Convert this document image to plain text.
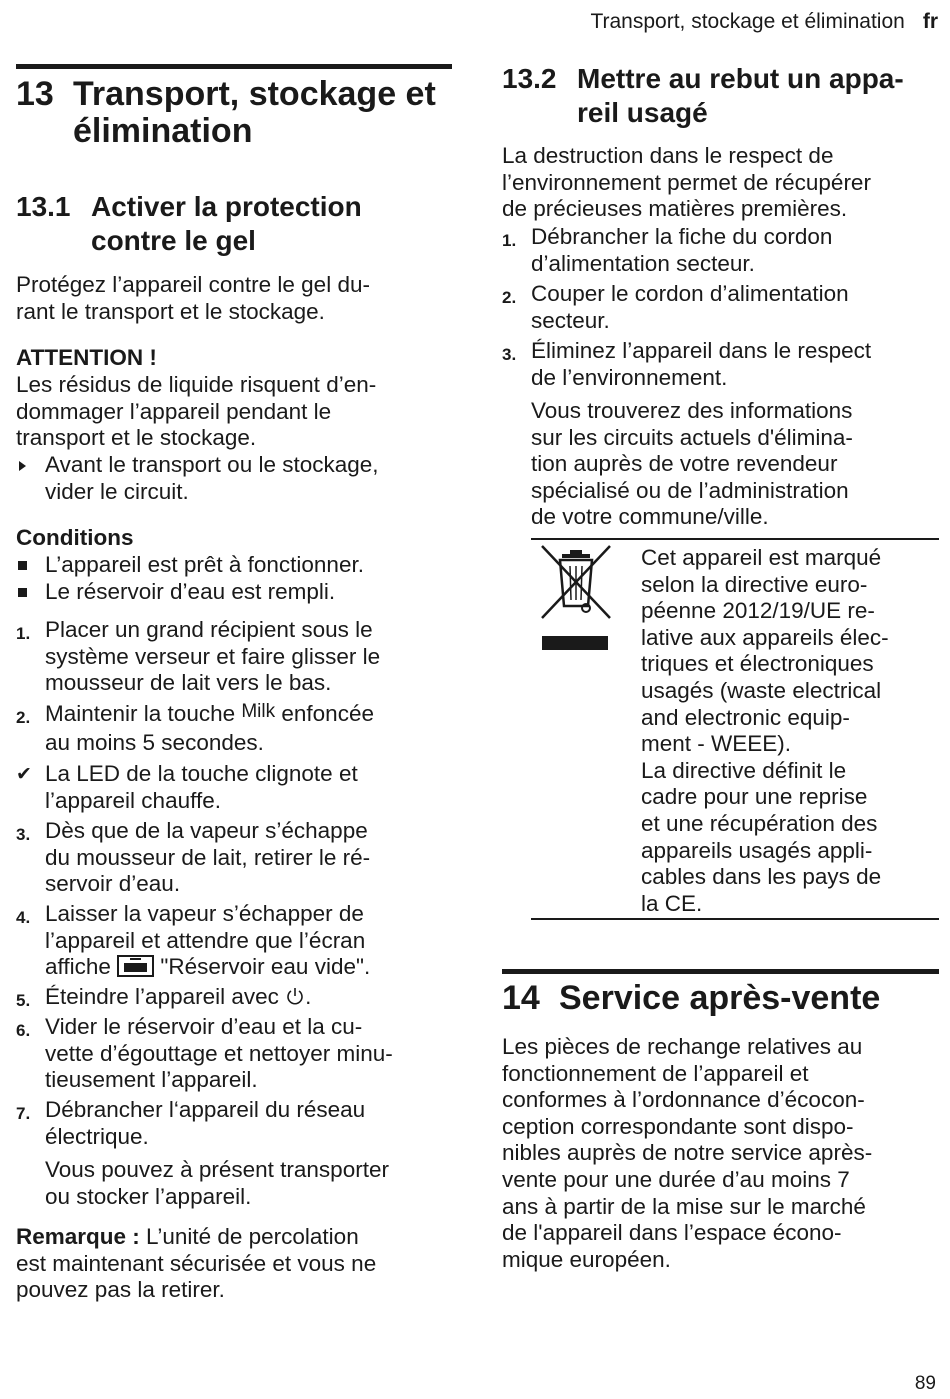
Transport, stockage et élimination fr
13 Transport, stockage et
élimination
13.1 Activer la protection
contre le gel
Protégez l’appareil contre le gel du-
rant le transport et le stockage.
ATTENTION !
Les résidus de liquide risquent d’en-
dommager l’appareil pendant le
transport et le stockage.
Avant le transport ou le stockage,
vider le circuit.
Conditions
L’appareil est prêt à fonctionner.
Le réservoir d’eau est rempli.
1. Placer un grand récipient sous le
système verseur et faire glisser le
mousseur de lait vers le bas.
2. Maintenir la touche Milk enfoncée
au moins 5 secondes.
✔ La LED de la touche clignote et
l’appareil chauffe.
3. Dès que de la vapeur s’échappe
du mousseur de lait, retirer le ré-
servoir d’eau.
4. Laisser la vapeur s’échapper de
l’appareil et attendre que l’écran
affiche  "Réservoir eau vide".
5. Éteindre l’appareil avec .
6. Vider le réservoir d’eau et la cu-
vette d’égouttage et nettoyer minu-
tieusement l’appareil.
7. Débrancher l‘appareil du réseau
électrique.
Vous pouvez à présent transporter
ou stocker l’appareil.
Remarque : L’unité de percolation
est maintenant sécurisée et vous ne
pouvez pas la retirer.
13.2 Mettre au rebut un appa-
reil usagé
La destruction dans le respect de
l’environnement permet de récupérer
de précieuses matières premières.
1. Débrancher la fiche du cordon
d’alimentation secteur.
2. Couper le cordon d’alimentation
secteur.
3. Éliminez l’appareil dans le respect
de l’environnement.
Vous trouverez des informations
sur les circuits actuels d'élimina-
tion auprès de votre revendeur
spécialisé ou de l’administration
de votre commune/ville.
Cet appareil est marqué
selon la directive euro-
péenne 2012/19/UE re-
lative aux appareils élec-
triques et électroniques
usagés (waste electrical
and electronic equip-
ment - WEEE).
La directive définit le
cadre pour une reprise
et une récupération des
appareils usagés appli-
cables dans les pays de
la CE.
14 Service après-vente
Les pièces de rechange relatives au
fonctionnement de l’appareil et
conformes à l’ordonnance d’écocon-
ception correspondante sont dispo-
nibles auprès de notre service après-
vente pour une durée d’au moins 7
ans à partir de la mise sur le marché
de l'appareil dans l’espace écono-
mique européen.
89
